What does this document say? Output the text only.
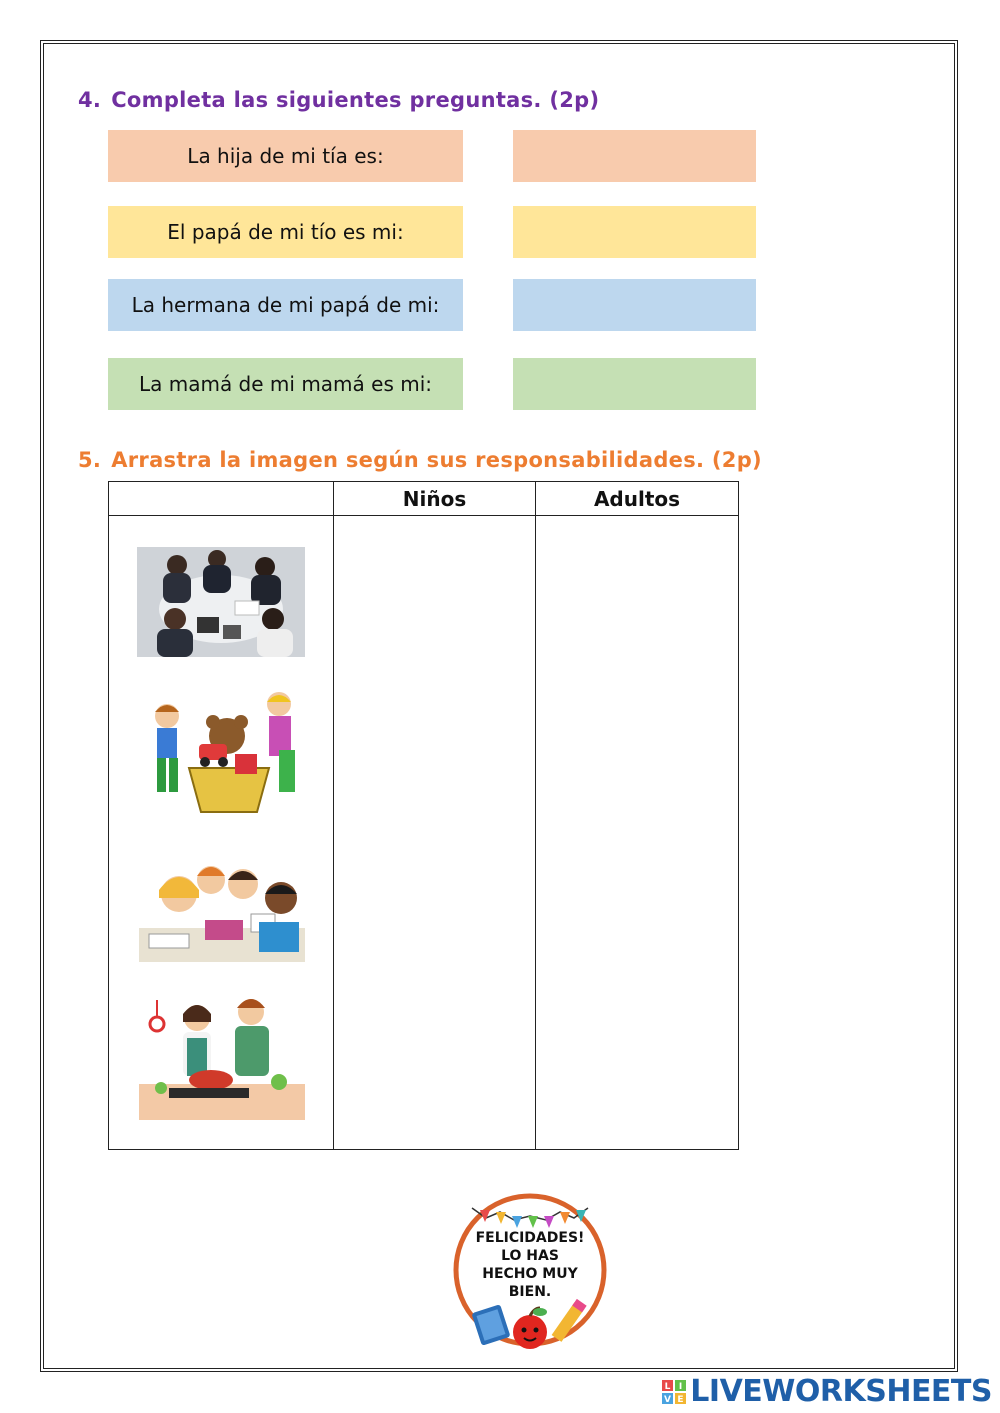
4. Completa las siguientes preguntas. (2p)
La hija de mi tía es:
El papá de mi tío es mi:
La hermana de mi papá de mi:
La mamá de mi mamá es mi:
5. Arrastra la imagen según sus responsabilidades. (2p)
	Niños	Adultos

FELICIDADES!
LO HAS
HECHO MUY
BIEN.
L I
V E LIVEWORKSHEETS
